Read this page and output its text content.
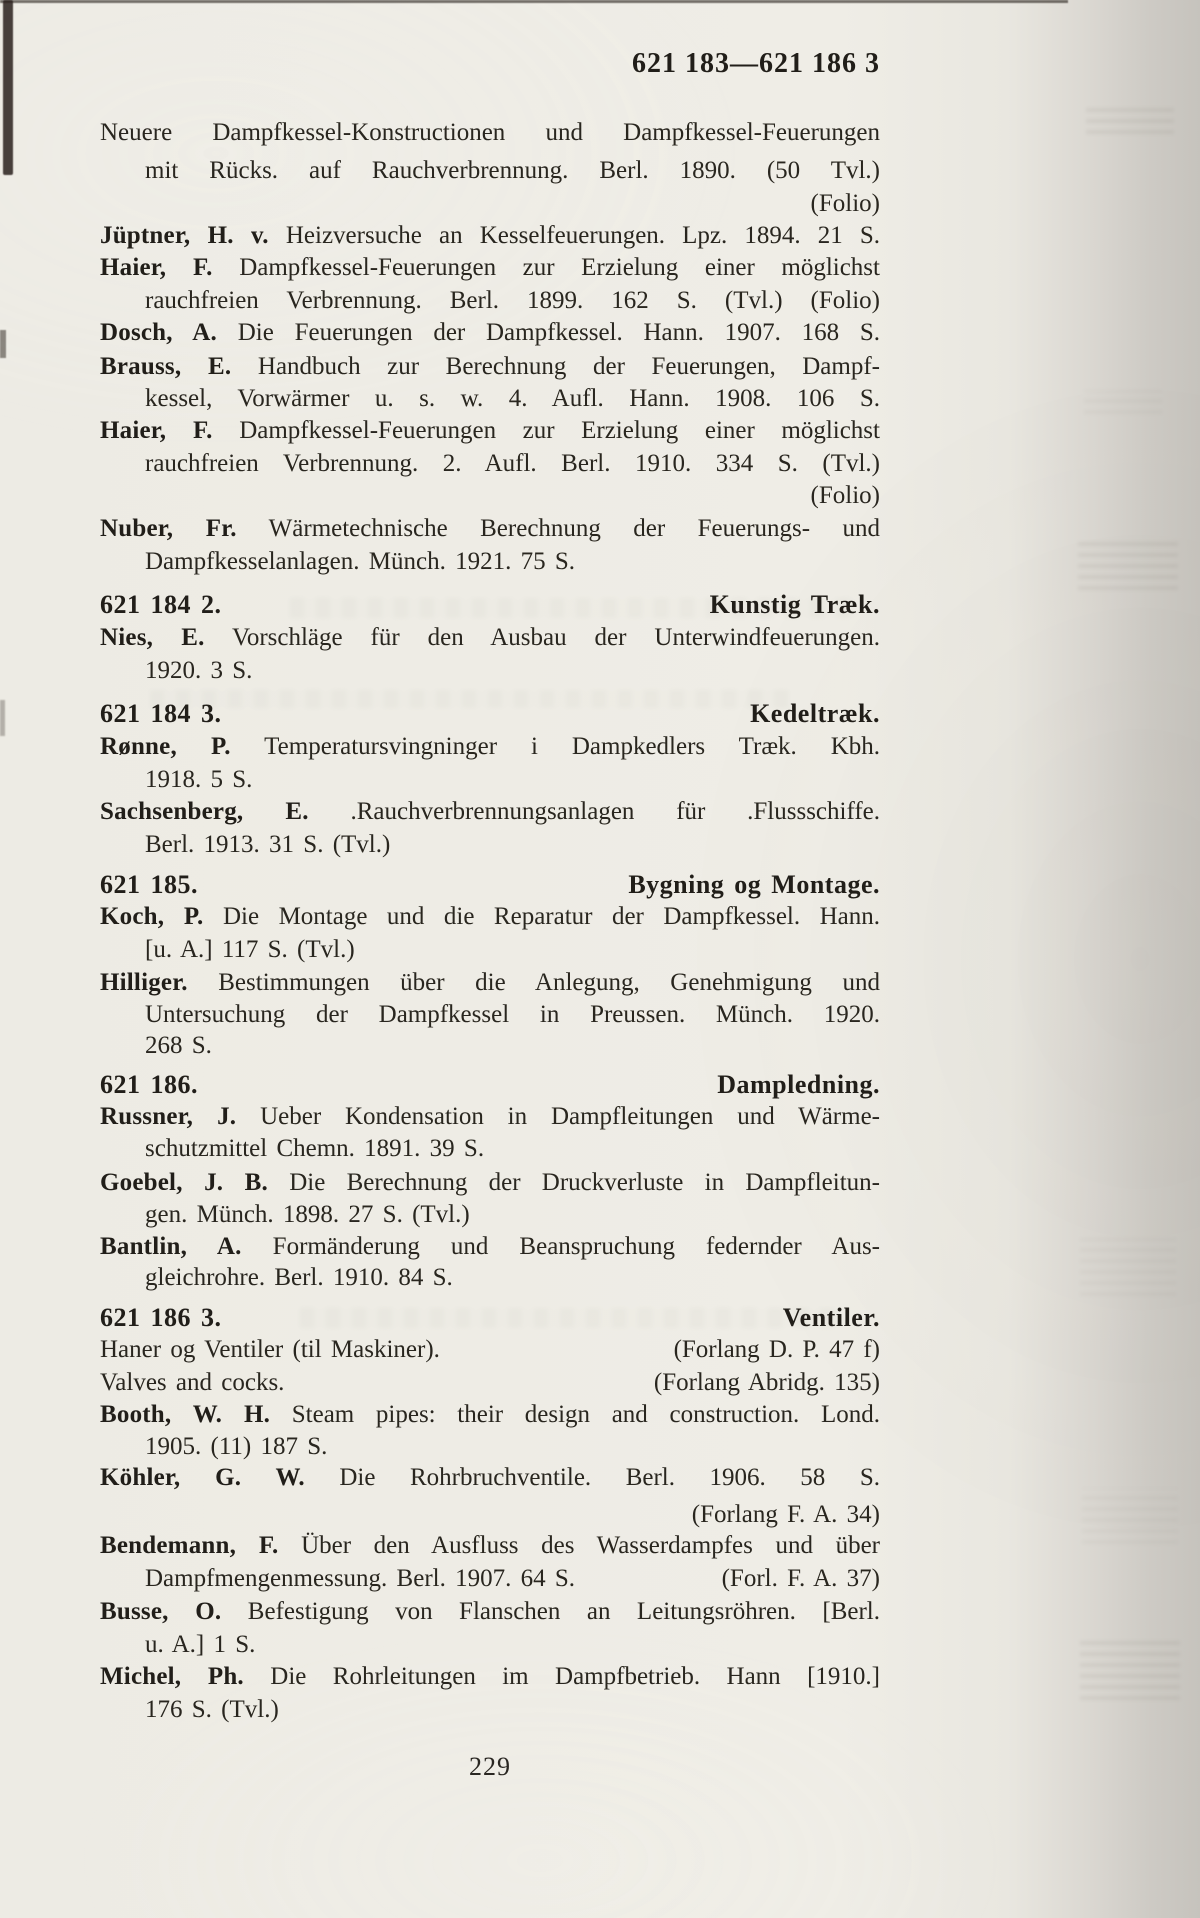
621 183—621 186 3
Neuere Dampfkessel-Konstructionen und Dampfkessel-Feuerungen
mit Rücks. auf Rauchverbrennung. Berl. 1890. (50 Tvl.)
(Folio)
Jüptner, H. v. Heizversuche an Kesselfeuerungen. Lpz. 1894. 21 S.
Haier, F. Dampfkessel-Feuerungen zur Erzielung einer möglichst
rauchfreien Verbrennung. Berl. 1899. 162 S. (Tvl.) (Folio)
Dosch, A. Die Feuerungen der Dampfkessel. Hann. 1907. 168 S.
Brauss, E. Handbuch zur Berechnung der Feuerungen, Dampf-
kessel, Vorwärmer u. s. w. 4. Aufl. Hann. 1908. 106 S.
Haier, F. Dampfkessel-Feuerungen zur Erzielung einer möglichst
rauchfreien Verbrennung. 2. Aufl. Berl. 1910. 334 S. (Tvl.)
(Folio)
Nuber, Fr. Wärmetechnische Berechnung der Feuerungs- und
Dampfkesselanlagen. Münch. 1921. 75 S.
621 184 2.	Kunstig Træk.
Nies, E. Vorschläge für den Ausbau der Unterwindfeuerungen.
1920. 3 S.
621 184 3.	Kedeltræk.
Rønne, P. Temperatursvingninger i Dampkedlers Træk. Kbh.
1918. 5 S.
Sachsenberg, E. .Rauchverbrennungsanlagen für .Flussschiffe.
Berl. 1913. 31 S. (Tvl.)
621 185.	Bygning og Montage.
Koch, P. Die Montage und die Reparatur der Dampfkessel. Hann.
[u. A.] 117 S. (Tvl.)
Hilliger. Bestimmungen über die Anlegung, Genehmigung und
Untersuchung der Dampfkessel in Preussen. Münch. 1920.
268 S.
621 186.	Dampledning.
Russner, J. Ueber Kondensation in Dampfleitungen und Wärme-
schutzmittel Chemn. 1891. 39 S.
Goebel, J. B. Die Berechnung der Druckverluste in Dampfleitun-
gen. Münch. 1898. 27 S. (Tvl.)
Bantlin, A. Formänderung und Beanspruchung federnder Aus-
gleichrohre. Berl. 1910. 84 S.
621 186 3.	Ventiler.
Haner og Ventiler (til Maskiner).	(Forlang D. P. 47 f)
Valves and cocks.	(Forlang Abridg. 135)
Booth, W. H. Steam pipes: their design and construction. Lond.
1905. (11) 187 S.
Köhler, G. W. Die Rohrbruchventile. Berl. 1906. 58 S.
(Forlang F. A. 34)
Bendemann, F. Über den Ausfluss des Wasserdampfes und über
Dampfmengenmessung. Berl. 1907. 64 S.	(Forl. F. A. 37)
Busse, O. Befestigung von Flanschen an Leitungsröhren. [Berl.
u. A.] 1 S.
Michel, Ph. Die Rohrleitungen im Dampfbetrieb. Hann [1910.]
176 S. (Tvl.)
229
